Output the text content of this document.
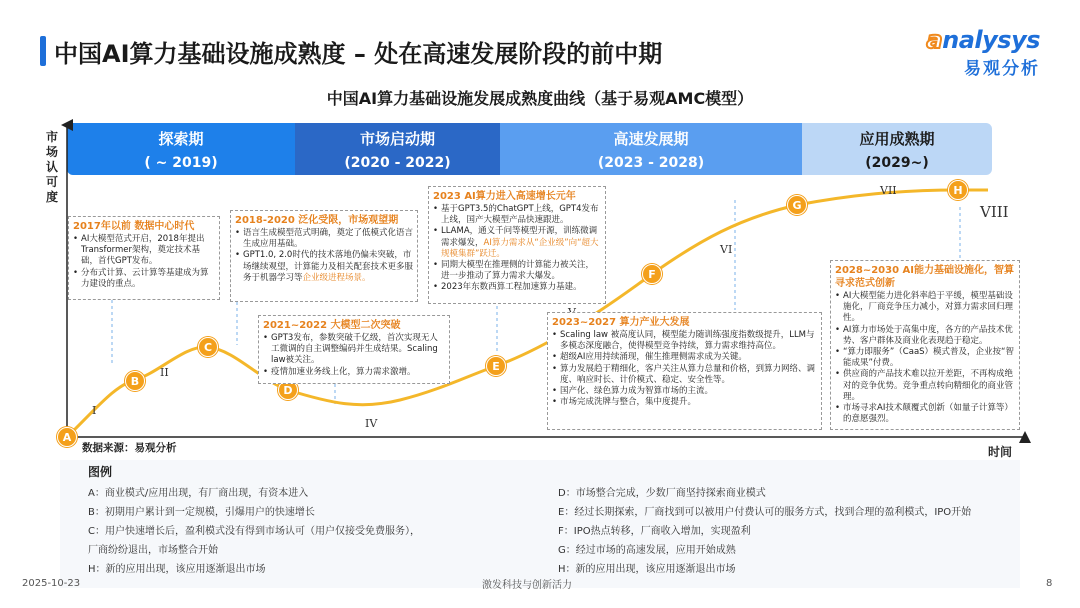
中国AI算力基础设施成熟度 – 处在高速发展阶段的前中期	analysys
易观分析
中国AI算力基础设施发展成熟度曲线（基于易观AMC模型）
探索期
( ~ 2019)
市场启动期
(2020 - 2022)
高速发展期
(2023 - 2028)
应用成熟期
(2029~)
市场认可度
时间
I
II
IV
VI
VII
VIII
A
B
C
D
E
F
G
H
2017年以前 数据中心时代
• AI大模型范式开启，2018年提出Transformer架构，奠定技术基础，首代GPT发布。
• 分布式计算、云计算等基建成为算力建设的重点。
2018-2020 泛化受限，市场观望期
• 语言生成模型范式明确，奠定了低模式化语言生成应用基础。
• GPT1.0, 2.0时代的技术落地仍偏未突破，市场继续观望，计算能力及相关配套技术更多服务于机器学习等企业级进程场景。
2021~2022 大模型二次突破
• GPT3发布，参数突破千亿级，首次实现无人工微调的自主调整编码并生成结果。Scaling law被关注。
• 疫情加速业务线上化，算力需求激增。
2023 AI算力进入高速增长元年
• 基于GPT3.5的ChatGPT上线，GPT4发布上线，国产大模型产品快速跟进。
• LLAMA，通义千问等模型开源，训练微调需求爆发，AI算力需求从“企业级”向“超大规模集群”跃迁。
• 同期大模型在推理侧的计算能力被关注，进一步推动了算力需求大爆发。
• 2023年东数西算工程加速算力基建。
2023~2027 算力产业大发展
• Scaling law 被高度认同，模型能力随训练强度指数级提升，LLM与多模态深度融合，使得模型竞争持续，算力需求维持高位。
• 超级AI应用持续涌现，催生推理侧需求成为关键。
• 算力发展趋于精细化，客户关注从算力总量和价格，到算力网络、调度、响应时长、计价模式、稳定、安全性等。
• 国产化、绿色算力成为智算市场的主流。
• 市场完成洗牌与整合，集中度提升。
2028~2030 AI能力基础设施化，智算寻求范式创新
• AI大模型能力进化斜率趋于平缓，模型基础设施化，厂商竞争压力减小，对算力需求回归理性。
• AI算力市场处于高集中度，各方的产品技术优势、客户群体及商业化表现趋于稳定。
• “算力即服务”（CaaS）模式普及，企业按“智能成果”付费。
• 供应商的产品技术难以拉开差距，不再构成绝对的竞争优势。竞争重点转向精细化的商业管理。
• 市场寻求AI技术颠覆式创新（如量子计算等）的意愿强烈。
数据来源：易观分析
图例
A：商业模式/应用出现，有厂商出现，有资本进入
B：初期用户累计到一定规模，引爆用户的快速增长
C：用户快速增长后，盈利模式没有得到市场认可（用户仅接受免费服务），
厂商纷纷退出，市场整合开始
H：新的应用出现，该应用逐渐退出市场
D：市场整合完成，少数厂商坚持探索商业模式
E：经过长期探索，厂商找到可以被用户付费认可的服务方式，找到合理的盈利模式，IPO开始
F：IPO热点转移，厂商收入增加，实现盈利
G：经过市场的高速发展，应用开始成熟
H：新的应用出现，该应用逐渐退出市场
2025-10-23	激发科技与创新活力	8
